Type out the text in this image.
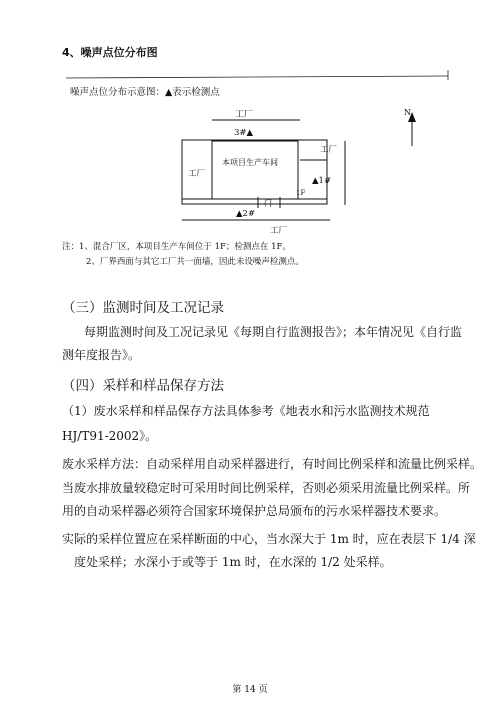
4、噪声点位分布图
工厂
3#▲
本项目生产车间
工厂
1F
门
工厂
▲1#
▲2#
工厂
N
噪声点位分布示意图：▲表示检测点
注：1、混合厂区，本项目生产车间位于 1F；检测点在 1F。
2、厂界西面与其它工厂共一面墙，因此未设噪声检测点。
（三）监测时间及工况记录
每期监测时间及工况记录见《每期自行监测报告》；本年情况见《自行监
测年度报告》。
（四）采样和样品保存方法
（1）废水采样和样品保存方法具体参考《地表水和污水监测技术规范
HJ/T91-2002》。
废水采样方法：自动采样用自动采样器进行，有时间比例采样和流量比例采样。
当废水排放量较稳定时可采用时间比例采样，否则必须采用流量比例采样。所
用的自动采样器必须符合国家环境保护总局颁布的污水采样器技术要求。
实际的采样位置应在采样断面的中心，当水深大于 1m 时，应在表层下 1/4 深
度处采样；水深小于或等于 1m 时，在水深的 1/2 处采样。
第 14 页
